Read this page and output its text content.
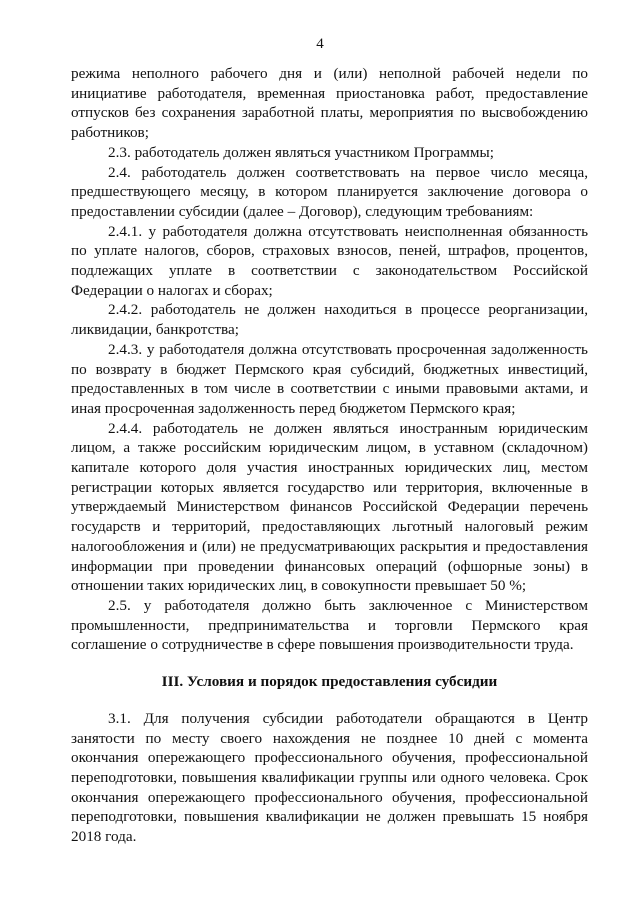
4

режима неполного рабочего дня и (или) неполной рабочей недели по инициативе работодателя, временная приостановка работ, предоставление отпусков без сохранения заработной платы, мероприятия по высвобождению работников;

2.3. работодатель должен являться участником Программы;

2.4. работодатель должен соответствовать на первое число месяца, предшествующего месяцу, в котором планируется заключение договора о предоставлении субсидии (далее – Договор), следующим требованиям:

2.4.1. у работодателя должна отсутствовать неисполненная обязанность по уплате налогов, сборов, страховых взносов, пеней, штрафов, процентов, подлежащих уплате в соответствии с законодательством Российской Федерации о налогах и сборах;

2.4.2. работодатель не должен находиться в процессе реорганизации, ликвидации, банкротства;

2.4.3. у работодателя должна отсутствовать просроченная задолженность по возврату в бюджет Пермского края субсидий, бюджетных инвестиций, предоставленных в том числе в соответствии с иными правовыми актами, и иная просроченная задолженность перед бюджетом Пермского края;

2.4.4. работодатель не должен являться иностранным юридическим лицом, а также российским юридическим лицом, в уставном (складочном) капитале которого доля участия иностранных юридических лиц, местом регистрации которых является государство или территория, включенные в утверждаемый Министерством финансов Российской Федерации перечень государств и территорий, предоставляющих льготный налоговый режим налогообложения и (или) не предусматривающих раскрытия и предоставления информации при проведении финансовых операций (офшорные зоны) в отношении таких юридических лиц, в совокупности превышает 50 %;

2.5. у работодателя должно быть заключенное с Министерством промышленности, предпринимательства и торговли Пермского края соглашение о сотрудничестве в сфере повышения производительности труда.

III. Условия и порядок предоставления субсидии

3.1. Для получения субсидии работодатели обращаются в Центр занятости по месту своего нахождения не позднее 10 дней с момента окончания опережающего профессионального обучения, профессиональной переподготовки, повышения квалификации группы или одного человека. Срок окончания опережающего профессионального обучения, профессиональной переподготовки, повышения квалификации не должен превышать 15 ноября 2018 года.
